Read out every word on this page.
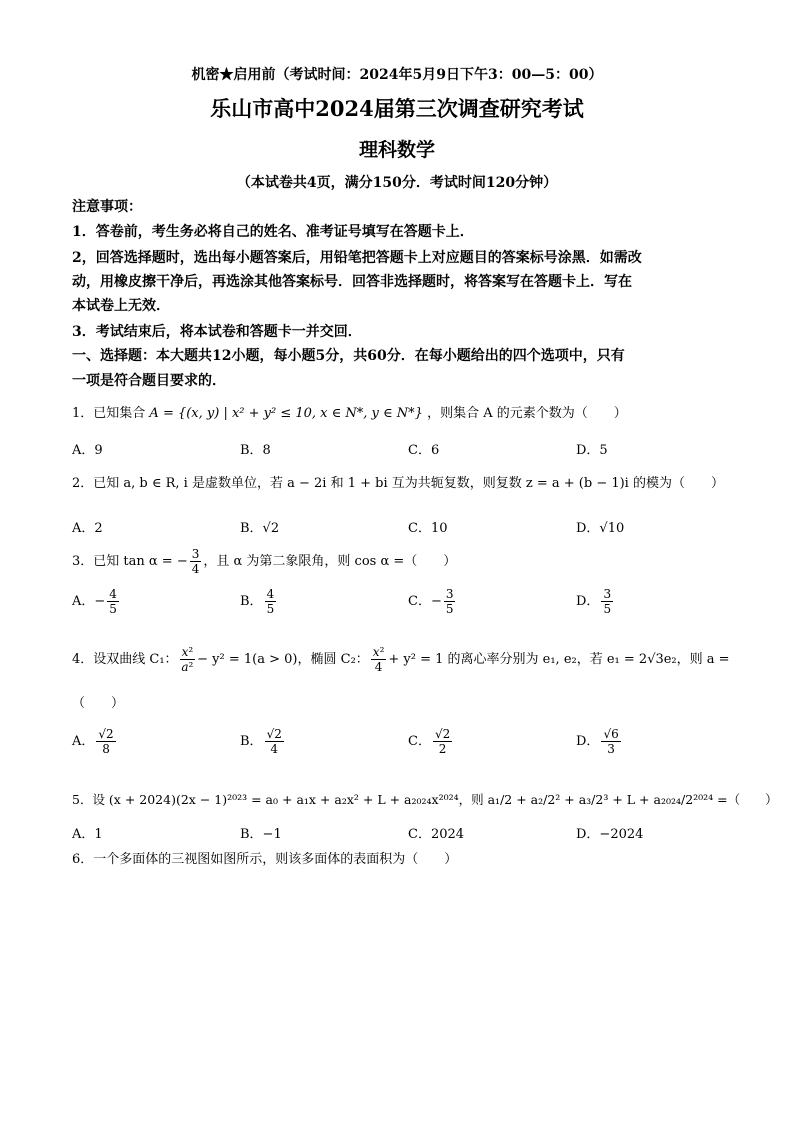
机密★启用前（考试时间：2024年5月9日下午3：00—5：00）
乐山市高中2024届第三次调查研究考试
理科数学
（本试卷共4页，满分150分．考试时间120分钟）
注意事项：
1．答卷前，考生务必将自己的姓名、准考证号填写在答题卡上．
2，回答选择题时，选出每小题答案后，用铅笔把答题卡上对应题目的答案标号涂黑．如需改
动，用橡皮擦干净后，再选涂其他答案标号．回答非选择题时，将答案写在答题卡上．写在
本试卷上无效．
3．考试结束后，将本试卷和答题卡一并交回．
一、选择题：本大题共12小题，每小题5分，共60分．在每小题给出的四个选项中，只有
一项是符合题目要求的．
1．已知集合 A = {(x, y) | x² + y² ≤ 10, x ∈ N*, y ∈ N*} ，则集合 A 的元素个数为（　　）
A．9	B．8	C．6	D．5
2．已知 a, b ∈ R, i 是虚数单位，若 a − 2i 和 1 + bi 互为共轭复数，则复数 z = a + (b − 1)i 的模为（　　）
A．2	B．√2	C．10	D．√10
3．已知 tan α = − $\frac{3}{4}$ ，且 α 为第二象限角，则 cos α =（　　）
A．− $\frac{4}{5}$	B． $\frac{4}{5}$	C．− $\frac{3}{5}$	D． $\frac{3}{5}$
4．设双曲线 C₁： $\frac{\text{x²}}{\text{a²}} - y^2 = 1(a > 0)$，椭圆 C₂： $\frac{\text{x²}}{4} + y^2 = 1$ 的离心率分别为 e₁, e₂，若 e₁ = 2√3e₂，则 a =
（　　）
A． $\frac{√2}{8}$	B． $\frac{√2}{4}$	C． $\frac{√2}{2}$	D． $\frac{√6}{3}$
5．设 (x + 2024)(2x − 1)²⁰²³ = a₀ + a₁x + a₂x² + L + a₂₀₂₄x²⁰²⁴，则 a₁/2 + a₂/2² + a₃/2³ + L + a₂₀₂₄/2²⁰²⁴ =（　　）
A．1	B．−1	C．2024	D．−2024
6．一个多面体的三视图如图所示，则该多面体的表面积为（　　）
